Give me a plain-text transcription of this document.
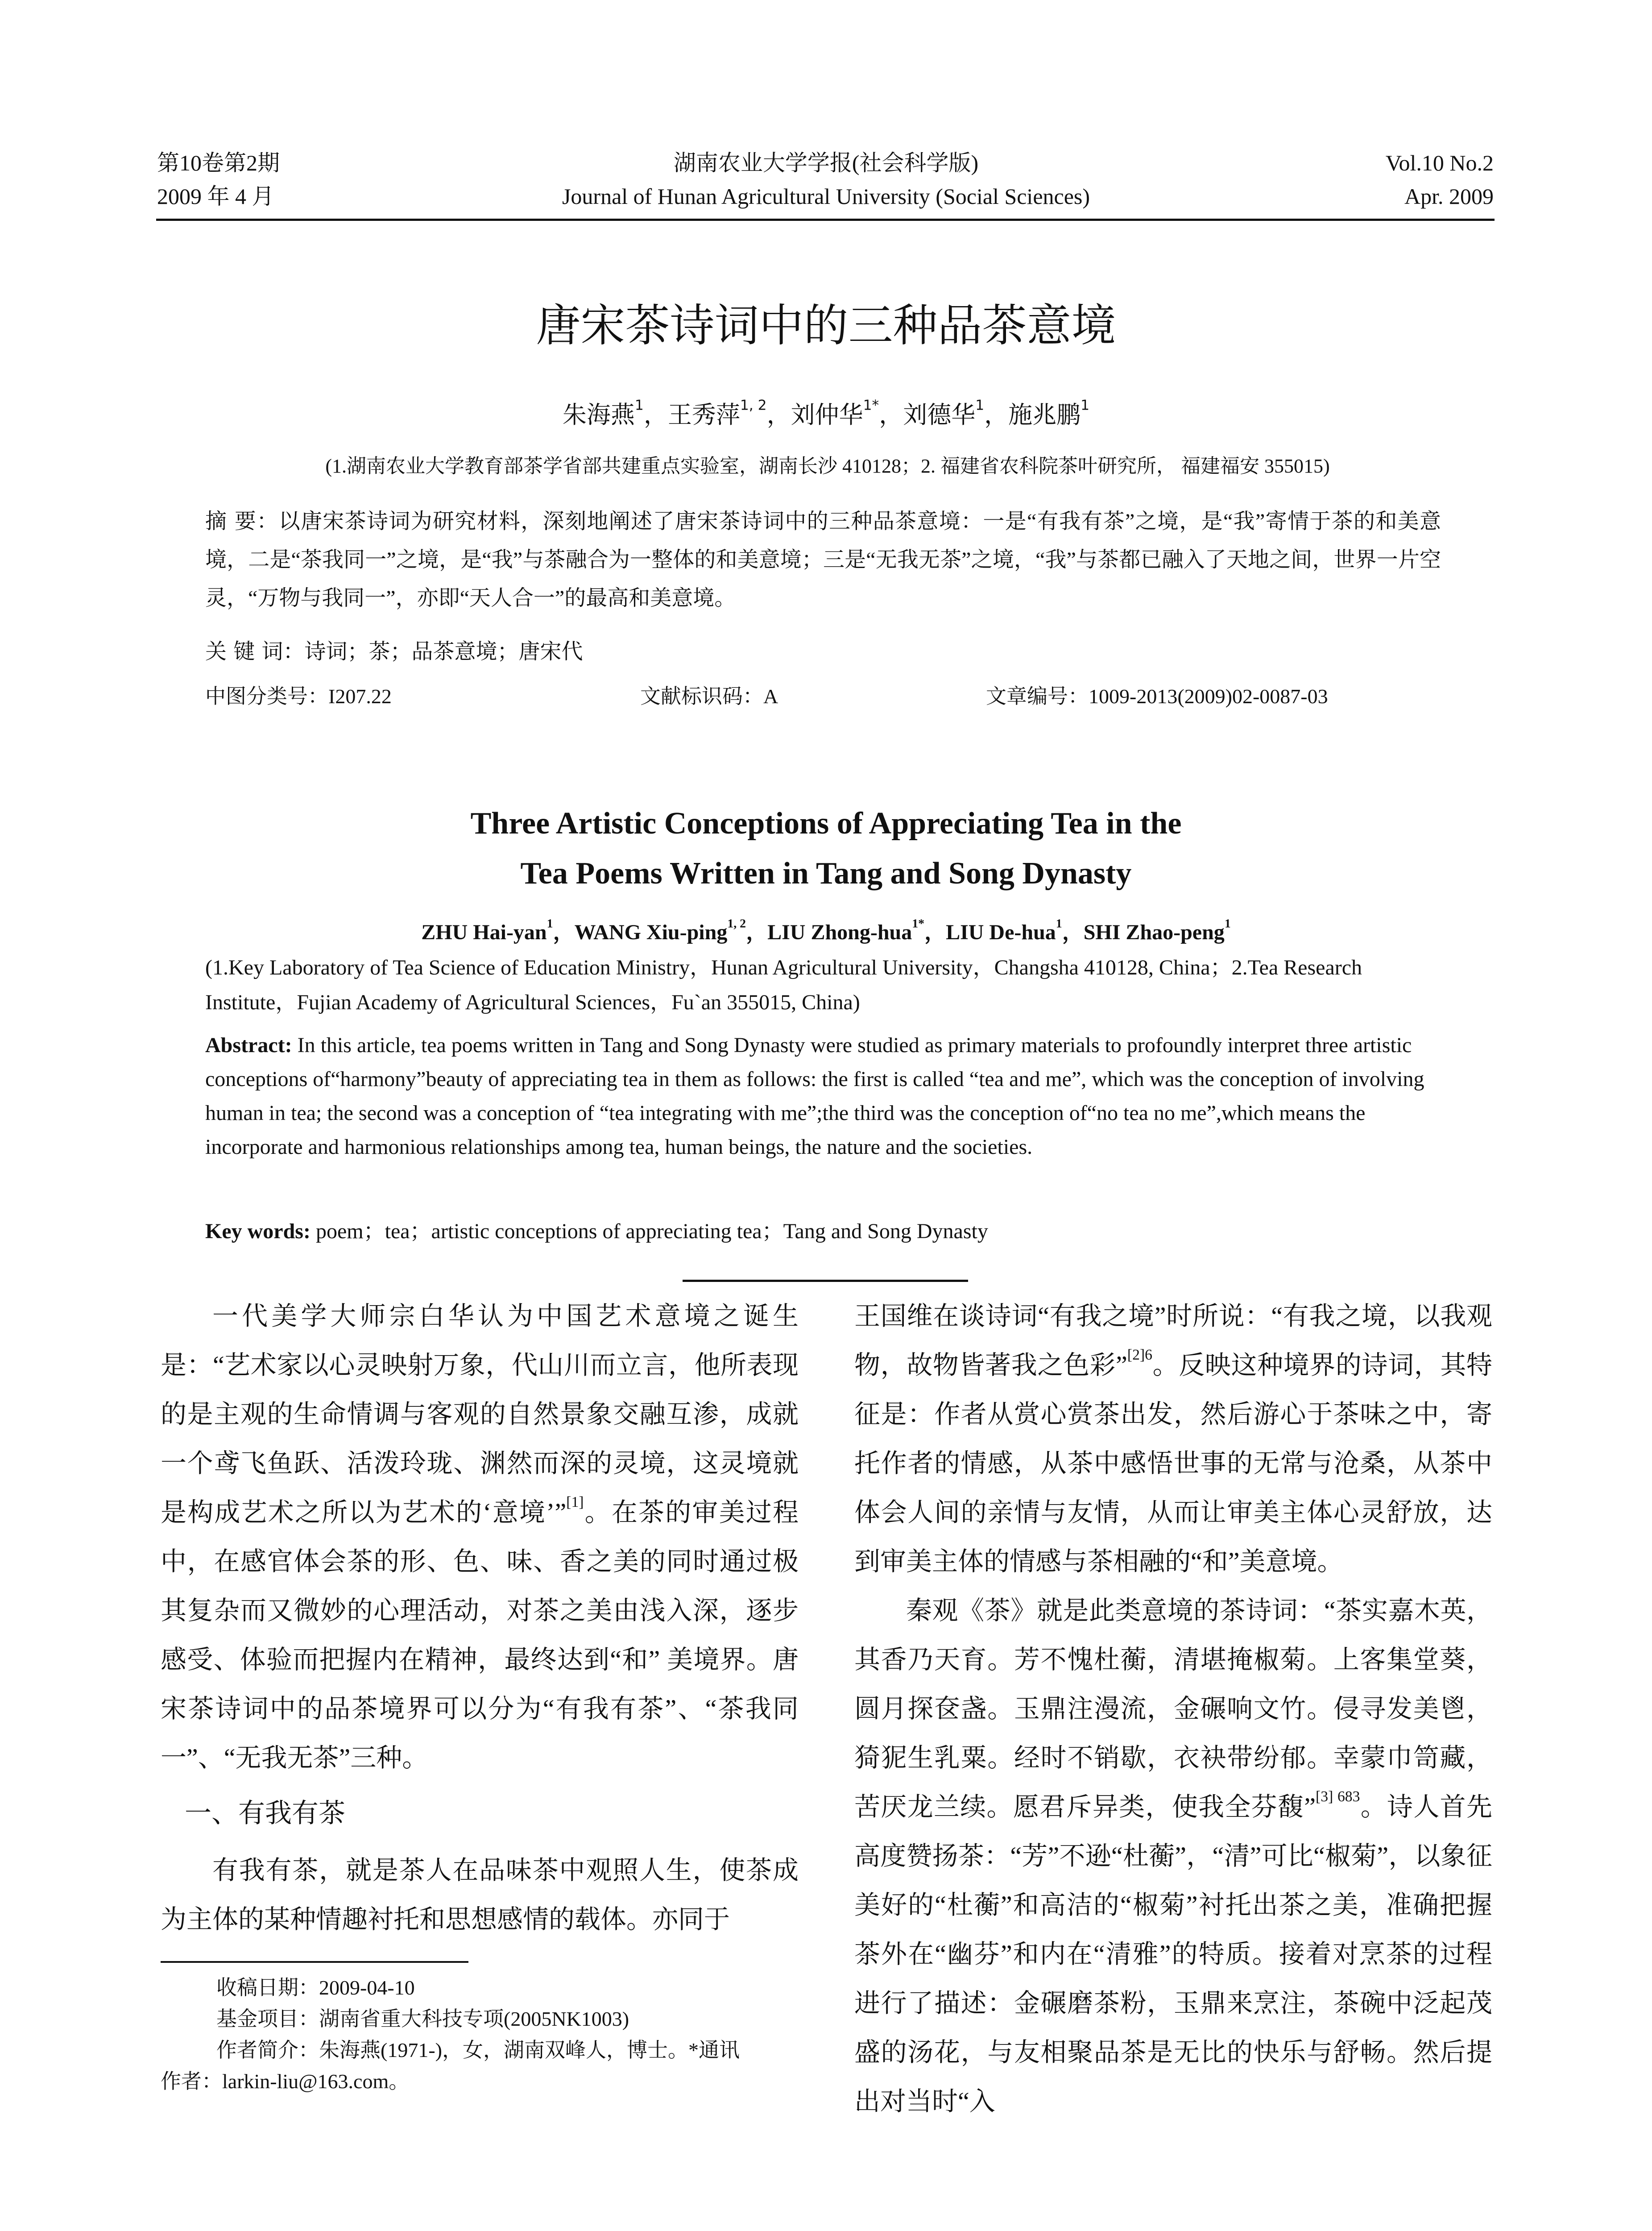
第10卷第2期
2009 年 4 月
湖南农业大学学报(社会科学版)
Journal of Hunan Agricultural University (Social Sciences)
Vol.10 No.2
Apr. 2009
唐宋茶诗词中的三种品茶意境
朱海燕$^1$，王秀萍$^{1, 2}$，刘仲华$^{1*}$，刘德华$^1$，施兆鹏$^1$
(1.湖南农业大学教育部茶学省部共建重点实验室，湖南长沙 410128；2. 福建省农科院茶叶研究所， 福建福安 355015)
摘 要：以唐宋茶诗词为研究材料，深刻地阐述了唐宋茶诗词中的三种品茶意境：一是“有我有茶”之境，是“我”寄情于茶的和美意境，二是“茶我同一”之境，是“我”与茶融合为一整体的和美意境；三是“无我无茶”之境，“我”与茶都已融入了天地之间，世界一片空灵，“万物与我同一”，亦即“天人合一”的最高和美意境。
关 键 词：诗词；茶；品茶意境；唐宋代
中图分类号：I207.22	文献标识码：A	文章编号：1009-2013(2009)02-0087-03
Three Artistic Conceptions of Appreciating Tea in the
Tea Poems Written in Tang and Song Dynasty
ZHU Hai-yan$^1$，WANG Xiu-ping$^{1, 2}$，LIU Zhong-hua$^{1*}$，LIU De-hua$^1$，SHI Zhao-peng$^1$
(1.Key Laboratory of Tea Science of Education Ministry，Hunan Agricultural University，Changsha 410128, China；2.Tea Research Institute，Fujian Academy of Agricultural Sciences，Fu`an 355015, China)
Abstract: In this article, tea poems written in Tang and Song Dynasty were studied as primary materials to profoundly interpret three artistic conceptions of“harmony”beauty of appreciating tea in them as follows: the first is called “tea and me”, which was the conception of involving human in tea; the second was a conception of “tea integrating with me”;the third was the conception of“no tea no me”,which means the incorporate and harmonious relationships among tea, human beings, the nature and the societies.
Key words: poem；tea；artistic conceptions of appreciating tea；Tang and Song Dynasty

一代美学大师宗白华认为中国艺术意境之诞生是：“艺术家以心灵映射万象，代山川而立言，他所表现的是主观的生命情调与客观的自然景象交融互渗，成就一个鸢飞鱼跃、活泼玲珑、渊然而深的灵境，这灵境就是构成艺术之所以为艺术的‘意境’”[1]。在茶的审美过程中，在感官体会茶的形、色、味、香之美的同时通过极其复杂而又微妙的心理活动，对茶之美由浅入深，逐步感受、体验而把握内在精神，最终达到“和” 美境界。唐宋茶诗词中的品茶境界可以分为“有我有茶”、“茶我同一”、“无我无茶”三种。

一、有我有茶

有我有茶，就是茶人在品味茶中观照人生，使茶成为主体的某种情趣衬托和思想感情的载体。亦同于

收稿日期：2009-04-10
基金项目：湖南省重大科技专项(2005NK1003)
作者简介：朱海燕(1971-)，女，湖南双峰人，博士。*通讯
作者：larkin-liu@163.com。

王国维在谈诗词“有我之境”时所说：“有我之境，以我观物，故物皆著我之色彩”$^{[2]6}$。反映这种境界的诗词，其特征是：作者从赏心赏茶出发，然后游心于茶味之中，寄托作者的情感，从茶中感悟世事的无常与沧桑，从茶中体会人间的亲情与友情，从而让审美主体心灵舒放，达到审美主体的情感与茶相融的“和”美意境。

秦观《茶》就是此类意境的茶诗词：“茶实嘉木英，其香乃天育。芳不愧杜蘅，清堪掩椒菊。上客集堂葵，圆月探奁盏。玉鼎注漫流，金碾响文竹。侵寻发美鬯，猗狔生乳粟。经时不销歇，衣袂带纷郁。幸蒙巾笥藏，苦厌龙兰续。愿君斥异类，使我全芬馥”$^{[3] 683}$。诗人首先高度赞扬茶：“芳”不逊“杜蘅”，“清”可比“椒菊”，以象征美好的“杜蘅”和高洁的“椒菊”衬托出茶之美，准确把握茶外在“幽芬”和内在“清雅”的特质。接着对烹茶的过程进行了描述：金碾磨茶粉，玉鼎来烹注，茶碗中泛起茂盛的汤花，与友相聚品茶是无比的快乐与舒畅。然后提出对当时“入
